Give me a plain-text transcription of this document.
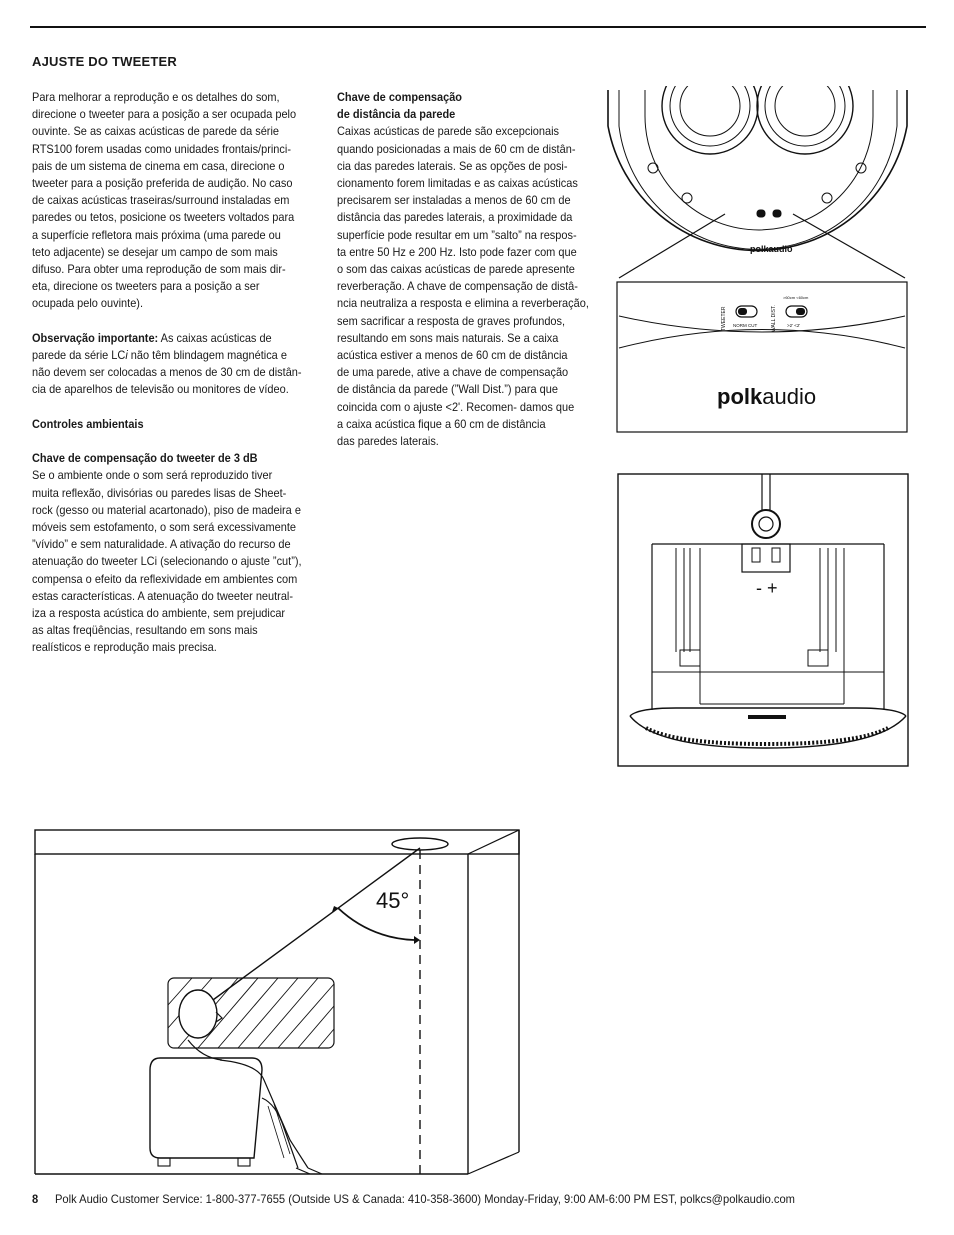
AJUSTE DO TWEETER

Para melhorar a reprodução e os detalhes do som,
direcione o tweeter para a posição a ser ocupada pelo
ouvinte. Se as caixas acústicas de parede da série
RTS100 forem usadas como unidades frontais/princi-
pais de um sistema de cinema em casa, direcione o
tweeter para a posição preferida de audição. No caso
de caixas acústicas traseiras/surround instaladas em
paredes ou tetos, posicione os tweeters voltados para
a superfície refletora mais próxima (uma parede ou
teto adjacente) se desejar um campo de som mais
difuso. Para obter uma reprodução de som mais dir-
eta, direcione os tweeters para a posição a ser
ocupada pelo ouvinte).

Observação importante: As caixas acústicas de
parede da série LCi não têm blindagem magnética e
não devem ser colocadas a menos de 30 cm de distân-
cia de aparelhos de televisão ou monitores de vídeo.

Controles ambientais

Chave de compensação do tweeter de 3 dB

Se o ambiente onde o som será reproduzido tiver
muita reflexão, divisórias ou paredes lisas de Sheet-
rock (gesso ou material acartonado), piso de madeira e
móveis sem estofamento, o som será excessivamente
”vívido” e sem naturalidade. A ativação do recurso de
atenuação do tweeter LCi (selecionando o ajuste ”cut”),
compensa o efeito da reflexividade em ambientes com
estas características. A atenuação do tweeter neutral-
iza a resposta acústica do ambiente, sem prejudicar
as altas freqüências, resultando em sons mais
realísticos e reprodução mais precisa.

Chave de compensação
de distância da parede

Caixas acústicas de parede são excepcionais
quando posicionadas a mais de 60 cm de distân-
cia das paredes laterais. Se as opções de posi-
cionamento forem limitadas e as caixas acústicas
precisarem ser instaladas a menos de 60 cm de
distância das paredes laterais, a proximidade da
superfície pode resultar em um ”salto” na respos-
ta entre 50 Hz e 200 Hz. Isto pode fazer com que
o som das caixas acústicas de parede apresente
reverberação. A chave de compensação de distâ-
ncia neutraliza a resposta e elimina a reverberação,
sem sacrificar a resposta de graves profundos,
resultando em sons mais naturais. Se a caixa
acústica estiver a menos de 60 cm de distância
de uma parede, ative a chave de compensação
de distância da parede (”Wall Dist.”) para que
coincida com o ajuste <2'. Recomen- damos que
a caixa acústica fique a 60 cm de distância
das paredes laterais.

polkaudio
TWEETER NORM CUT	WALL DIST.
>60cm <60cm
>2' <2'
polkaudio
- +
45°
8 Polk Audio Customer Service: 1-800-377-7655 (Outside US & Canada: 410-358-3600) Monday-Friday, 9:00 AM-6:00 PM EST, polkcs@polkaudio.com
